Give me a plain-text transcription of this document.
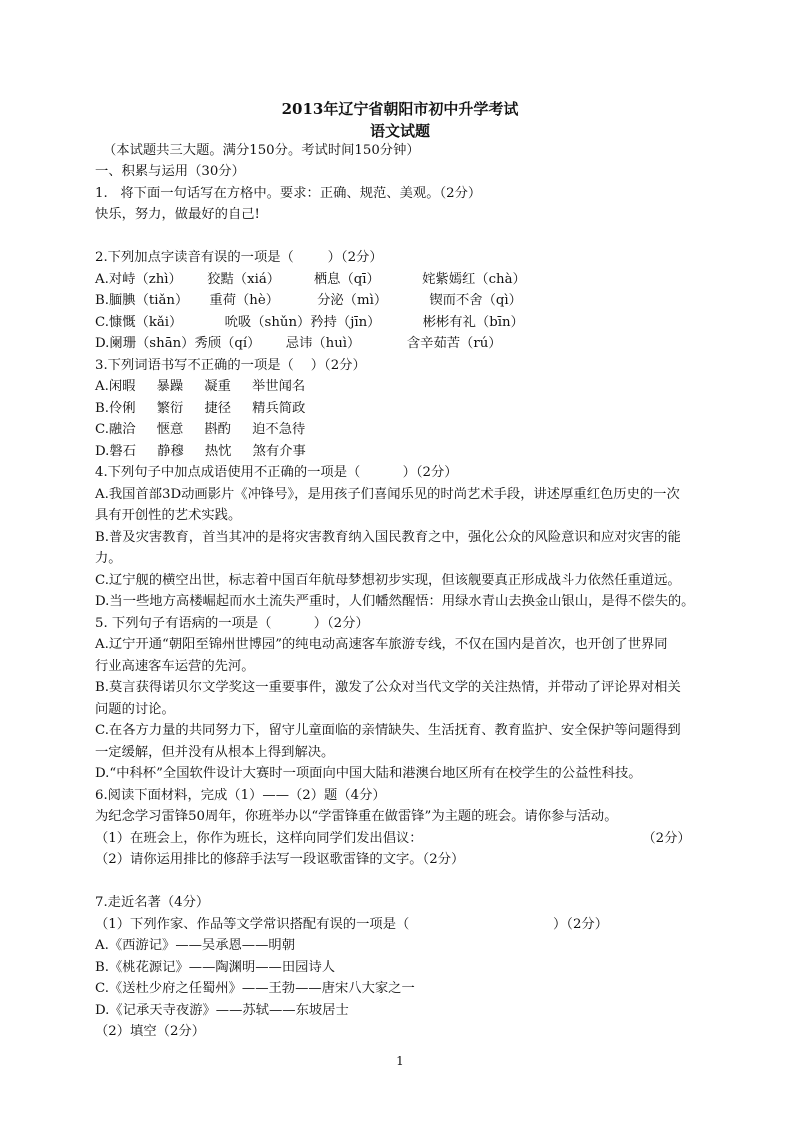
2013年辽宁省朝阳市初中升学考试
语文试题
（本试题共三大题。满分150分。考试时间150分钟）
一、积累与运用（30分）
1.   将下面一句话写在方格中。要求：正确、规范、美观。（2分）
快乐，努力，做最好的自己!
2.下列加点字读音有误的一项是（        ）（2分）
A.对峙（zhì）      狡黠（xiá）        栖息（qī）          姹紫嫣红（chà）
B.腼腆（tiǎn）     重荷（hè）         分泌（mì）          锲而不舍（qì）
C.慷慨（kǎi）          吮吸（shǔn）矜持（jīn）          彬彬有礼（bīn）
D.阑珊（shān）秀颀（qí）      忌讳（huì）           含辛茹苦（rú）
3.下列词语书写不正确的一项是（    ）（2分）
A.闲暇     暴躁     凝重     举世闻名
B.伶俐     繁衍     捷径     精兵简政
C.融洽     惬意     斟酌     迫不急待
D.磐石     静穆     热忱     煞有介事
4.下列句子中加点成语使用不正确的一项是（          ）（2分）
A.我国首部3D动画影片《冲锋号》，是用孩子们喜闻乐见的时尚艺术手段，讲述厚重红色历史的一次
具有开创性的艺术实践。
B.普及灾害教育，首当其冲的是将灾害教育纳入国民教育之中，强化公众的风险意识和应对灾害的能
力。
C.辽宁舰的横空出世，标志着中国百年航母梦想初步实现，但该舰要真正形成战斗力依然任重道远。
D.当一些地方高楼崛起而水土流失严重时，人们幡然醒悟：用绿水青山去换金山银山，是得不偿失的。
5. 下列句子有语病的一项是（          ）（2分）
A.辽宁开通“朝阳至锦州世博园”的纯电动高速客车旅游专线，不仅在国内是首次，也开创了世界同
行业高速客车运营的先河。
B.莫言获得诺贝尔文学奖这一重要事件，激发了公众对当代文学的关注热情，并带动了评论界对相关
问题的讨论。
C.在各方力量的共同努力下，留守儿童面临的亲情缺失、生活抚育、教育监护、安全保护等问题得到
一定缓解，但并没有从根本上得到解决。
D.“中科杯”全国软件设计大赛时一项面向中国大陆和港澳台地区所有在校学生的公益性科技。
6.阅读下面材料，完成（1）——（2）题（4分）
为纪念学习雷锋50周年，你班举办以“学雷锋重在做雷锋”为主题的班会。请你参与活动。
（1）在班会上，你作为班长，这样向同学们发出倡议：                                                    （2分）
（2）请你运用排比的修辞手法写一段讴歌雷锋的文字。（2分）
7.走近名著（4分）
（1）下列作家、作品等文学常识搭配有误的一项是（                                  ）（2分）
A.《西游记》——吴承恩——明朝
B.《桃花源记》——陶渊明——田园诗人
C.《送杜少府之任蜀州》——王勃——唐宋八大家之一
D.《记承天寺夜游》——苏轼——东坡居士
（2）填空（2分）
1
